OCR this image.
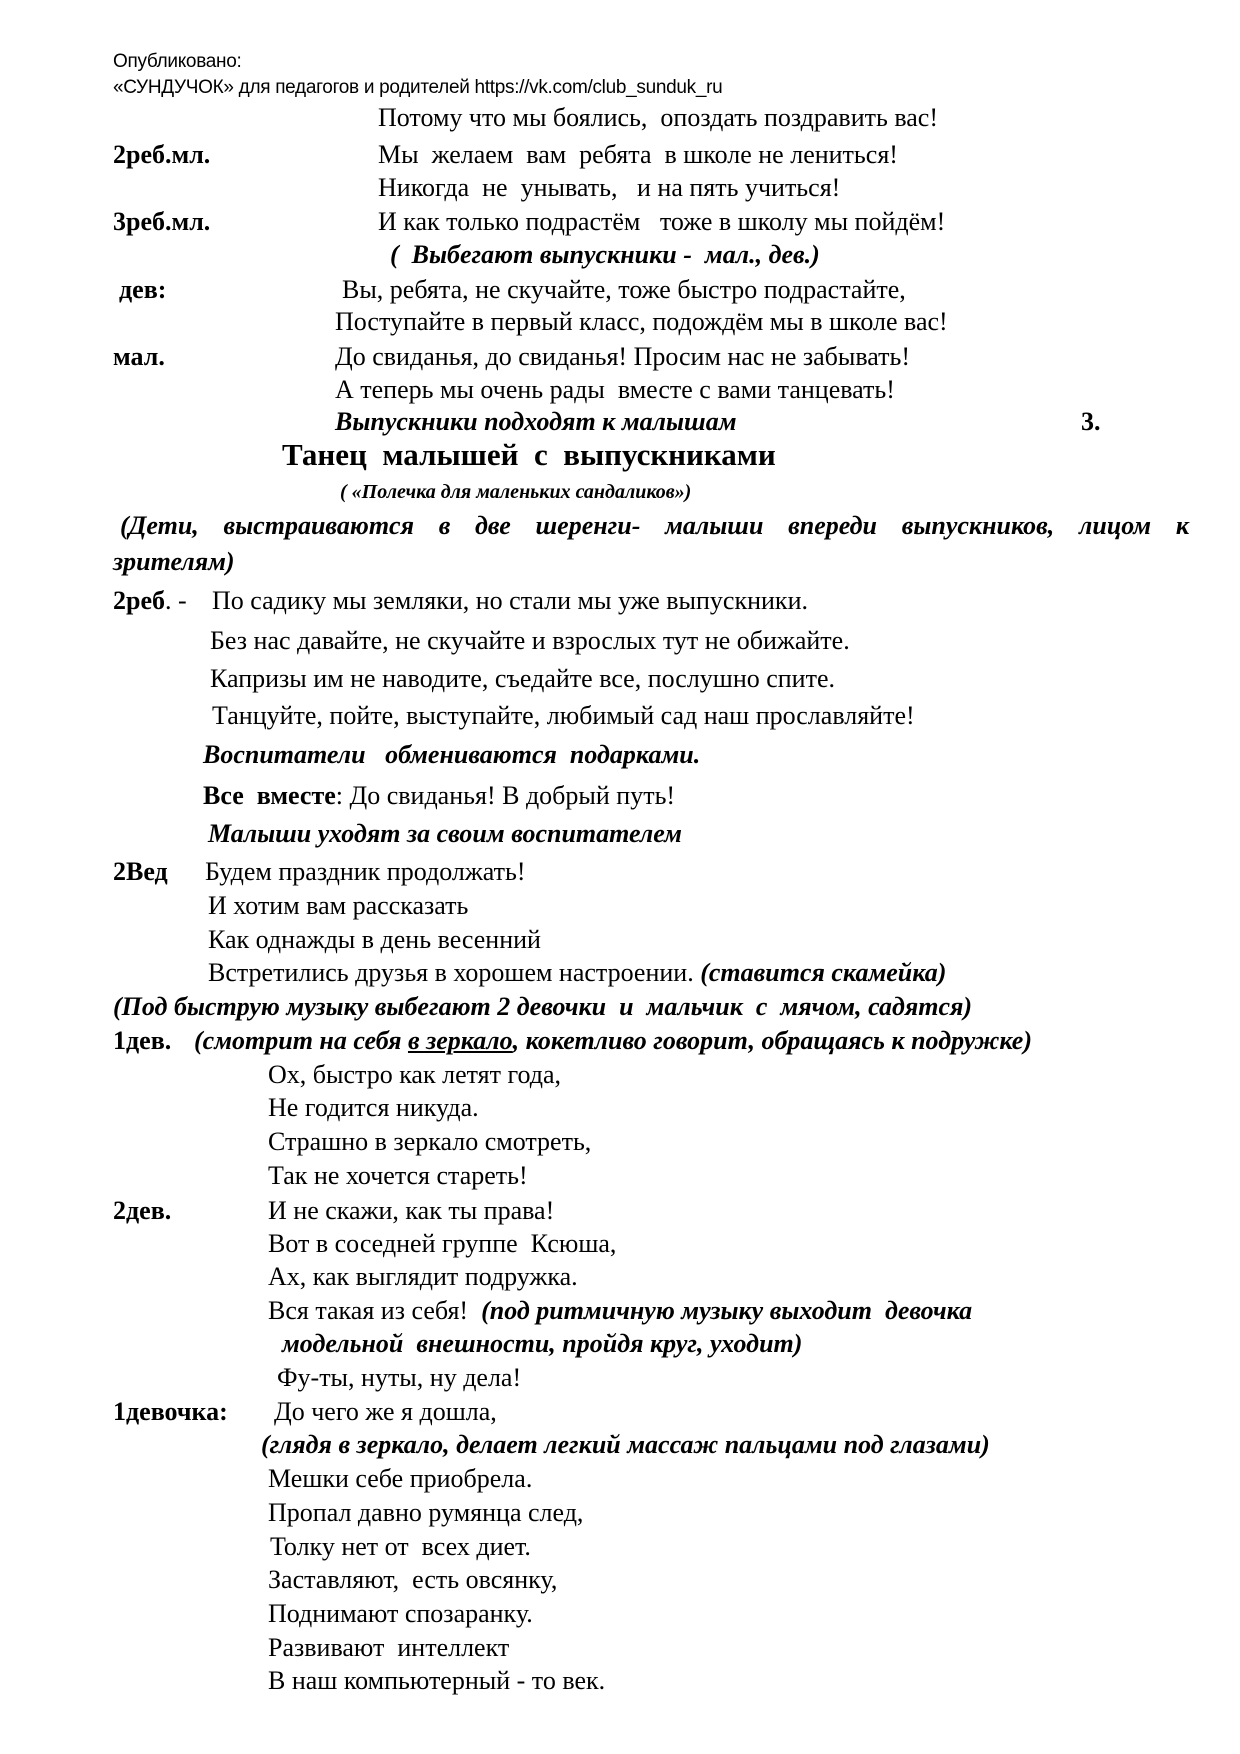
Опубликовано:
«СУНДУЧОК» для педагогов и родителей https://vk.com/club_sunduk_ru
Потому что мы боялись,  опоздать поздравить вас!
2реб.мл.	Мы  желаем  вам  ребята  в школе не лениться!
Никогда  не  унывать,   и на пять учиться!
3реб.мл.	И как только подрастём   тоже в школу мы пойдём!
(  Выбегают выпускники -  мал., дев.)
дев:	Вы, ребята, не скучайте, тоже быстро подрастайте,
Поступайте в первый класс, подождём мы в школе вас!
мал.	До свиданья, до свиданья! Просим нас не забывать!
А теперь мы очень рады  вместе с вами танцевать!
Выпускники подходят к малышам	3.
Танец  малышей  с  выпускниками
( «Полечка для маленьких сандаликов»)
(Дети, выстраиваются в две шеренги- малыши впереди выпускников, лицом к
зрителям)
2реб. - По садику мы земляки, но стали мы уже выпускники.
Без нас давайте, не скучайте и взрослых тут не обижайте.
Капризы им не наводите, съедайте все, послушно спите.
Танцуйте, пойте, выступайте, любимый сад наш прославляйте!
Воспитатели   обмениваются  подарками.
Все  вместе: До свиданья! В добрый путь!
Малыши уходят за своим воспитателем
2Вед Будем праздник продолжать!
И хотим вам рассказать
Как однажды в день весенний
Встретились друзья в хорошем настроении. (ставится скамейка)
(Под быструю музыку выбегают 2 девочки  и  мальчик  с  мячом, садятся)
1дев. (смотрит на себя в зеркало, кокетливо говорит, обращаясь к подружке)
Ох, быстро как летят года,
Не годится никуда.
Страшно в зеркало смотреть,
Так не хочется стареть!
2дев.	И не скажи, как ты права!
Вот в соседней группе  Ксюша,
Ах, как выглядит подружка.
Вся такая из себя!  (под ритмичную музыку выходит  девочка
модельной  внешности, пройдя круг, уходит)
Фу-ты, нуты, ну дела!
1девочка: До чего же я дошла,
(глядя в зеркало, делает легкий массаж пальцами под глазами)
Мешки себе приобрела.
Пропал давно румянца след,
Толку нет от  всех диет.
Заставляют,  есть овсянку,
Поднимают спозаранку.
Развивают  интеллект
В наш компьютерный - то век.
